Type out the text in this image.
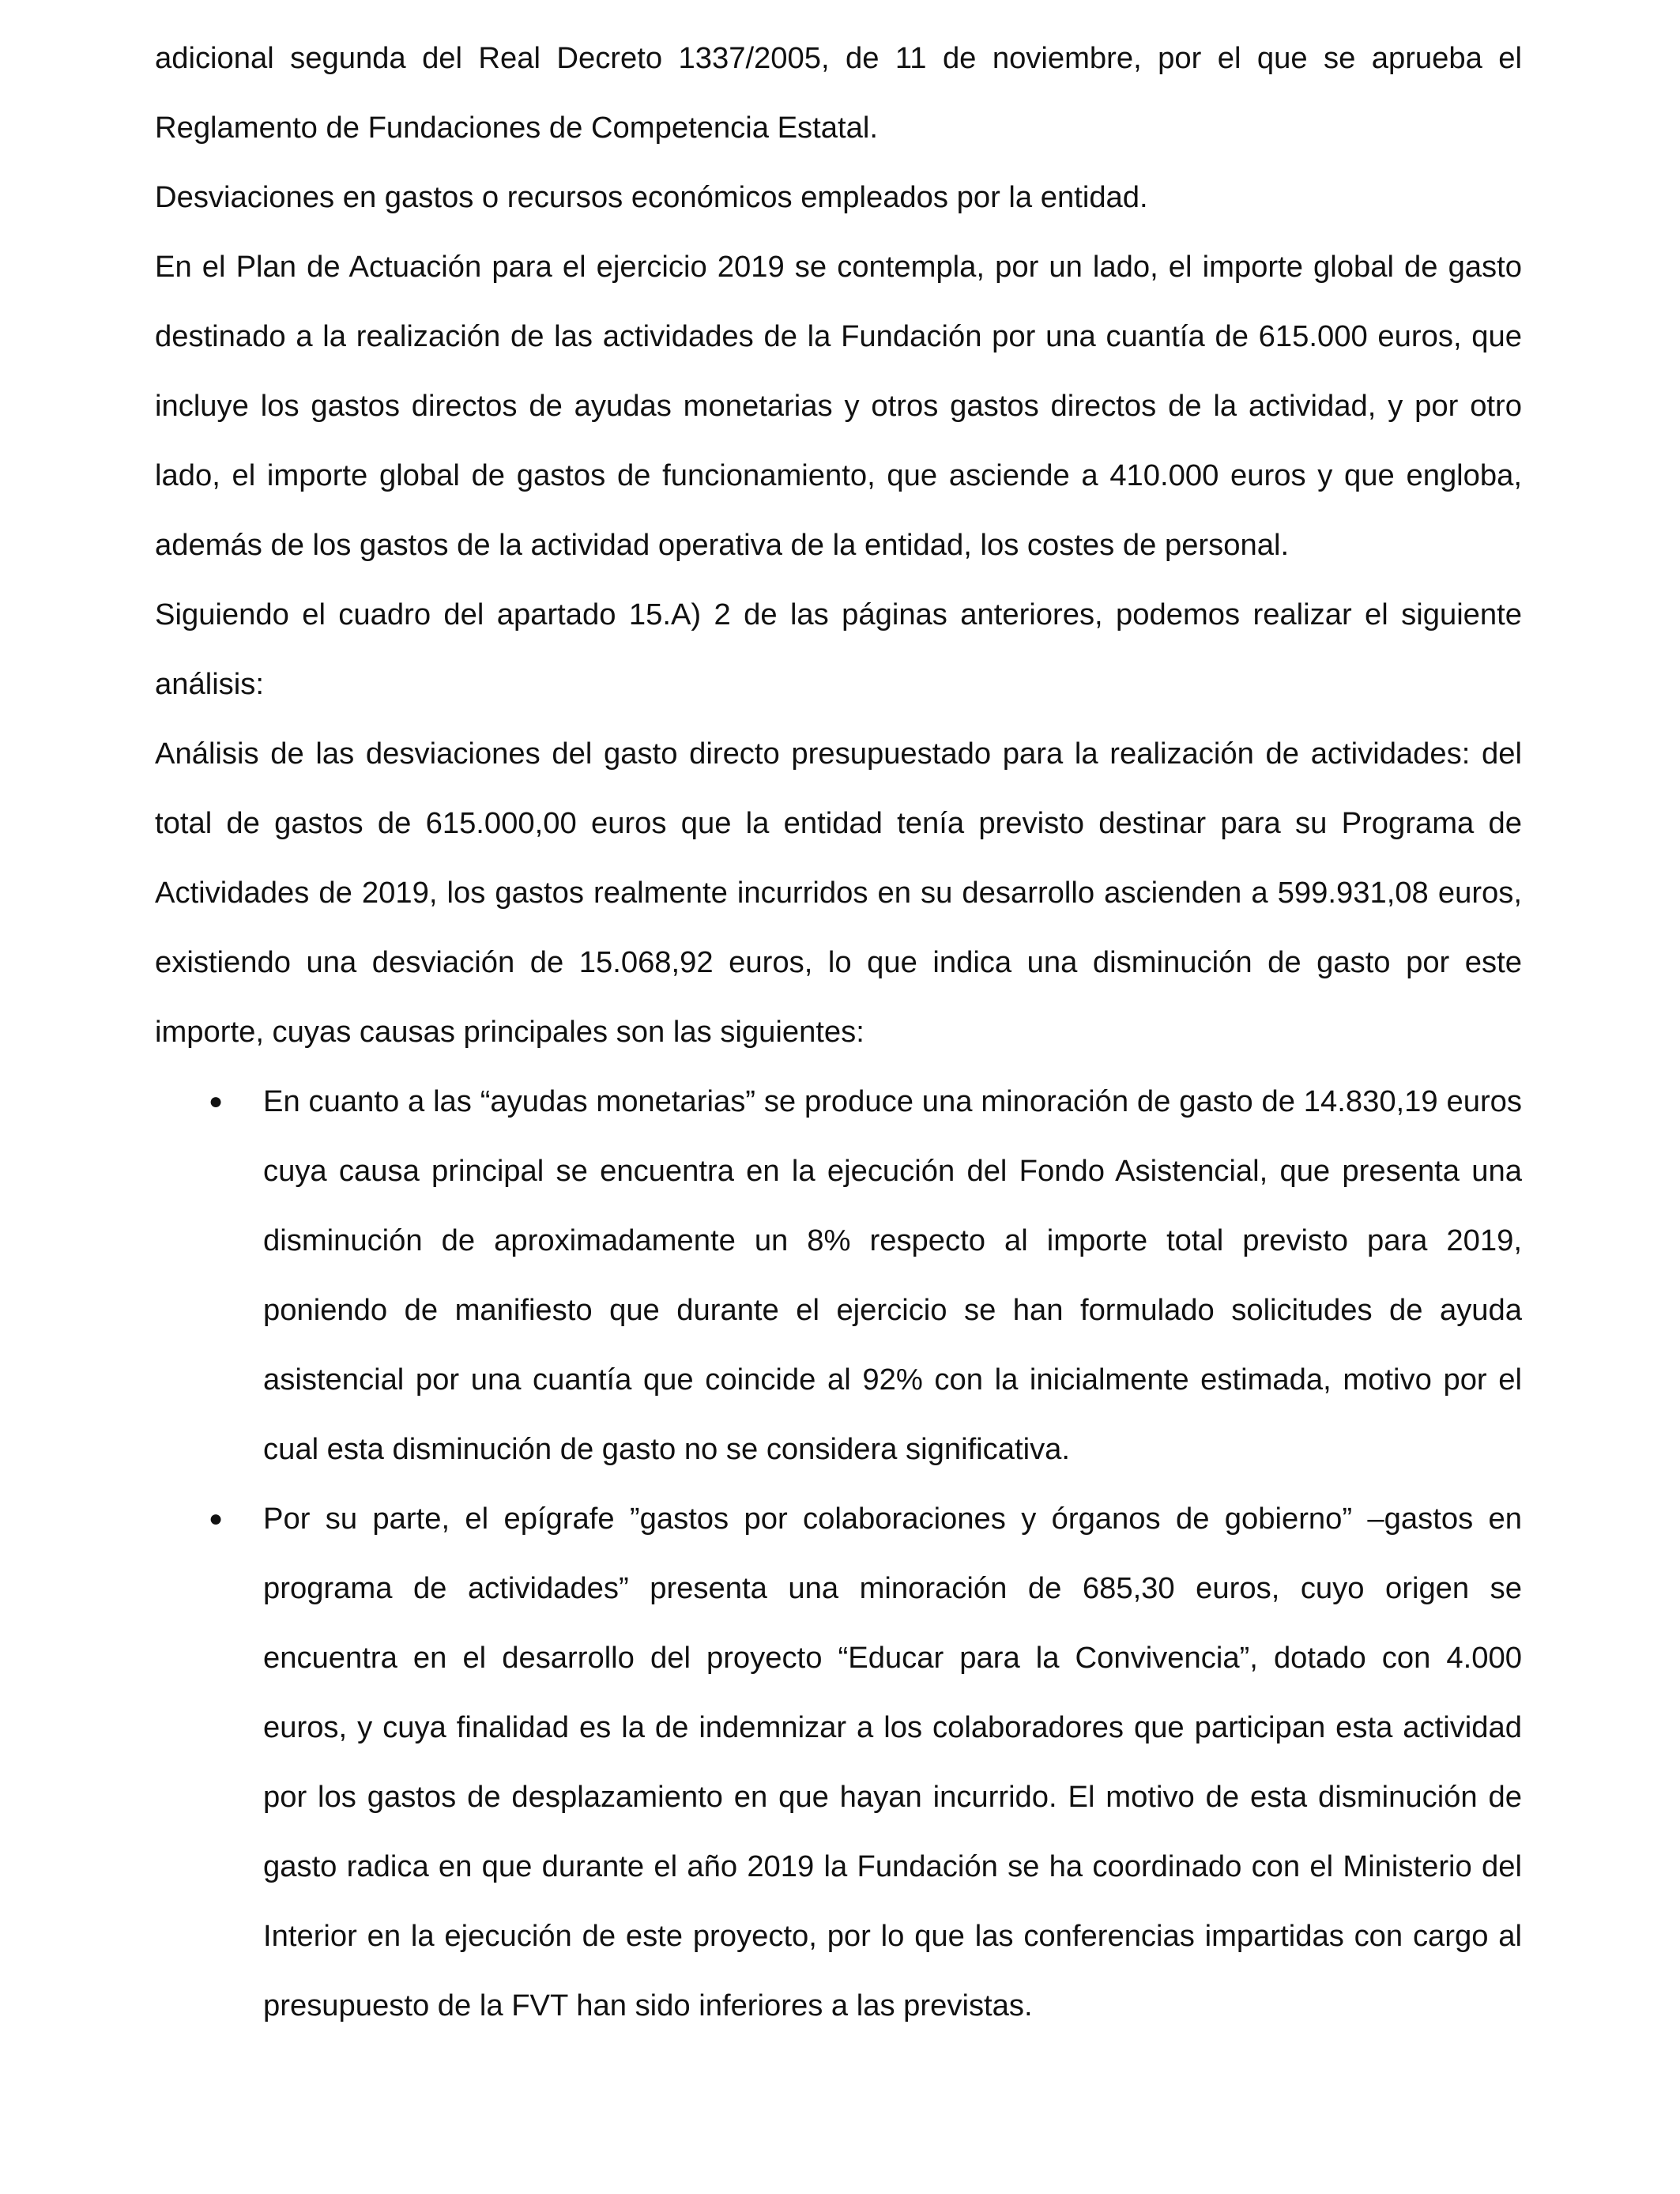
adicional segunda del Real Decreto 1337/2005, de 11 de noviembre, por el que se aprueba el Reglamento de Fundaciones de Competencia Estatal.

Desviaciones en gastos o recursos económicos empleados por la entidad.

En el Plan de Actuación para el ejercicio 2019 se contempla, por un lado, el importe global de gasto destinado a la realización de las actividades de la Fundación por una cuantía de 615.000 euros, que incluye los gastos directos de ayudas monetarias y otros gastos directos de la actividad, y por otro lado, el importe global de gastos de funcionamiento, que asciende a 410.000 euros y que engloba, además de los gastos de la actividad operativa de la entidad, los costes de personal.

Siguiendo el cuadro del apartado 15.A) 2 de las páginas anteriores, podemos realizar el siguiente análisis:

Análisis de las desviaciones del gasto directo presupuestado para la realización de actividades: del total de gastos de 615.000,00 euros que la entidad tenía previsto destinar para su Programa de Actividades de 2019, los gastos realmente incurridos en su desarrollo ascienden a 599.931,08 euros, existiendo una desviación de 15.068,92 euros, lo que indica una disminución de gasto por este importe, cuyas causas principales son las siguientes:

● En cuanto a las “ayudas monetarias” se produce una minoración de gasto de 14.830,19 euros cuya causa principal se encuentra en la ejecución del Fondo Asistencial, que presenta una disminución de aproximadamente un 8% respecto al importe total previsto para 2019, poniendo de manifiesto que durante el ejercicio se han formulado solicitudes de ayuda asistencial por una cuantía que coincide al 92% con la inicialmente estimada, motivo por el cual esta disminución de gasto no se considera significativa.
● Por su parte, el epígrafe ”gastos por colaboraciones y órganos de gobierno” –gastos en programa de actividades” presenta una minoración de 685,30 euros, cuyo origen se encuentra en el desarrollo del proyecto “Educar para la Convivencia”, dotado con 4.000 euros, y cuya finalidad es la de indemnizar a los colaboradores que participan esta actividad por los gastos de desplazamiento en que hayan incurrido. El motivo de esta disminución de gasto radica en que durante el año 2019 la Fundación se ha coordinado con el Ministerio del Interior en la ejecución de este proyecto, por lo que las conferencias impartidas con cargo al presupuesto de la FVT han sido inferiores a las previstas.
